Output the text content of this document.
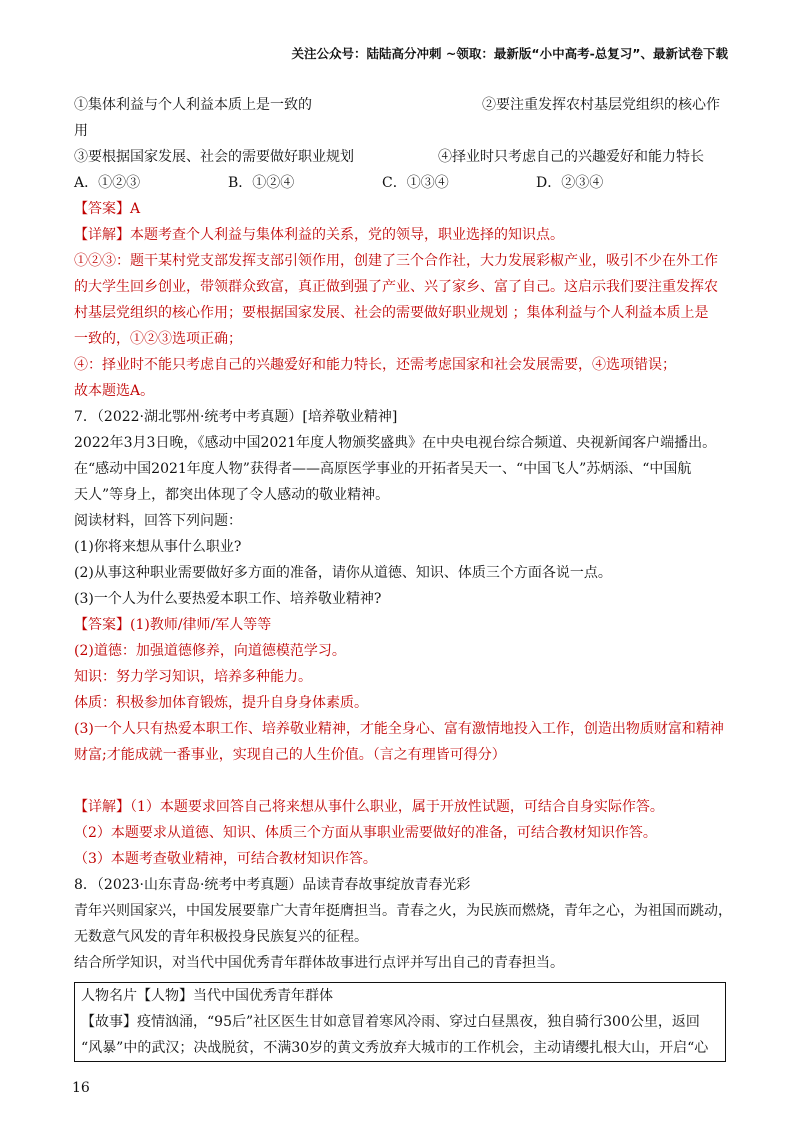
关注公众号：陆陆高分冲刺 ~领取：最新版“小中高考-总复习”、最新试卷下载
①集体利益与个人利益本质上是一致的	②要注重发挥农村基层党组织的核心作
用
③要根据国家发展、社会的需要做好职业规划	④择业时只考虑自己的兴趣爱好和能力特长
A．①②③	B．①②④	C．①③④	D．②③④
【答案】A
【详解】本题考查个人利益与集体利益的关系，党的领导，职业选择的知识点。
①②③：题干某村党支部发挥支部引领作用，创建了三个合作社，大力发展彩椒产业，吸引不少在外工作
的大学生回乡创业，带领群众致富，真正做到强了产业、兴了家乡、富了自己。这启示我们要注重发挥农
村基层党组织的核心作用；要根据国家发展、社会的需要做好职业规划 ；集体利益与个人利益本质上是
一致的，①②③选项正确；
④：择业时不能只考虑自己的兴趣爱好和能力特长，还需考虑国家和社会发展需要，④选项错误；
故本题选A。
7．（2022·湖北鄂州·统考中考真题）[培养敬业精神]
2022年3月3日晚，《感动中国2021年度人物颁奖盛典》在中央电视台综合频道、央视新闻客户端播出。
在“感动中国2021年度人物”获得者——高原医学事业的开拓者吴天一、“中国飞人”苏炳添、“中国航
天人”等身上，都突出体现了令人感动的敬业精神。
阅读材料，回答下列问题：
(1)你将来想从事什么职业?
(2)从事这种职业需要做好多方面的准备，请你从道德、知识、体质三个方面各说一点。
(3)一个人为什么要热爱本职工作、培养敬业精神?
【答案】(1)教师/律师/军人等等
(2)道德：加强道德修养，向道德模范学习。
知识：努力学习知识，培养多种能力。
体质：积极参加体育锻炼，提升自身身体素质。
(3)一个人只有热爱本职工作、培养敬业精神，才能全身心、富有激情地投入工作，创造出物质财富和精神
财富;才能成就一番事业，实现自己的人生价值。（言之有理皆可得分）
【详解】（1）本题要求回答自己将来想从事什么职业，属于开放性试题，可结合自身实际作答。
（2）本题要求从道德、知识、体质三个方面从事职业需要做好的准备，可结合教材知识作答。
（3）本题考查敬业精神，可结合教材知识作答。
8．（2023·山东青岛·统考中考真题）品读青春故事绽放青春光彩
青年兴则国家兴，中国发展要靠广大青年挺膺担当。青春之火，为民族而燃烧，青年之心，为祖国而跳动，
无数意气风发的青年积极投身民族复兴的征程。
结合所学知识，对当代中国优秀青年群体故事进行点评并写出自己的青春担当。
人物名片【人物】当代中国优秀青年群体
【故事】疫情汹涌，“95后”社区医生甘如意冒着寒风冷雨、穿过白昼黑夜，独自骑行300公里，返回
“风暴”中的武汉；决战脱贫，不满30岁的黄文秀放弃大城市的工作机会，主动请缨扎根大山，开启“心
16
